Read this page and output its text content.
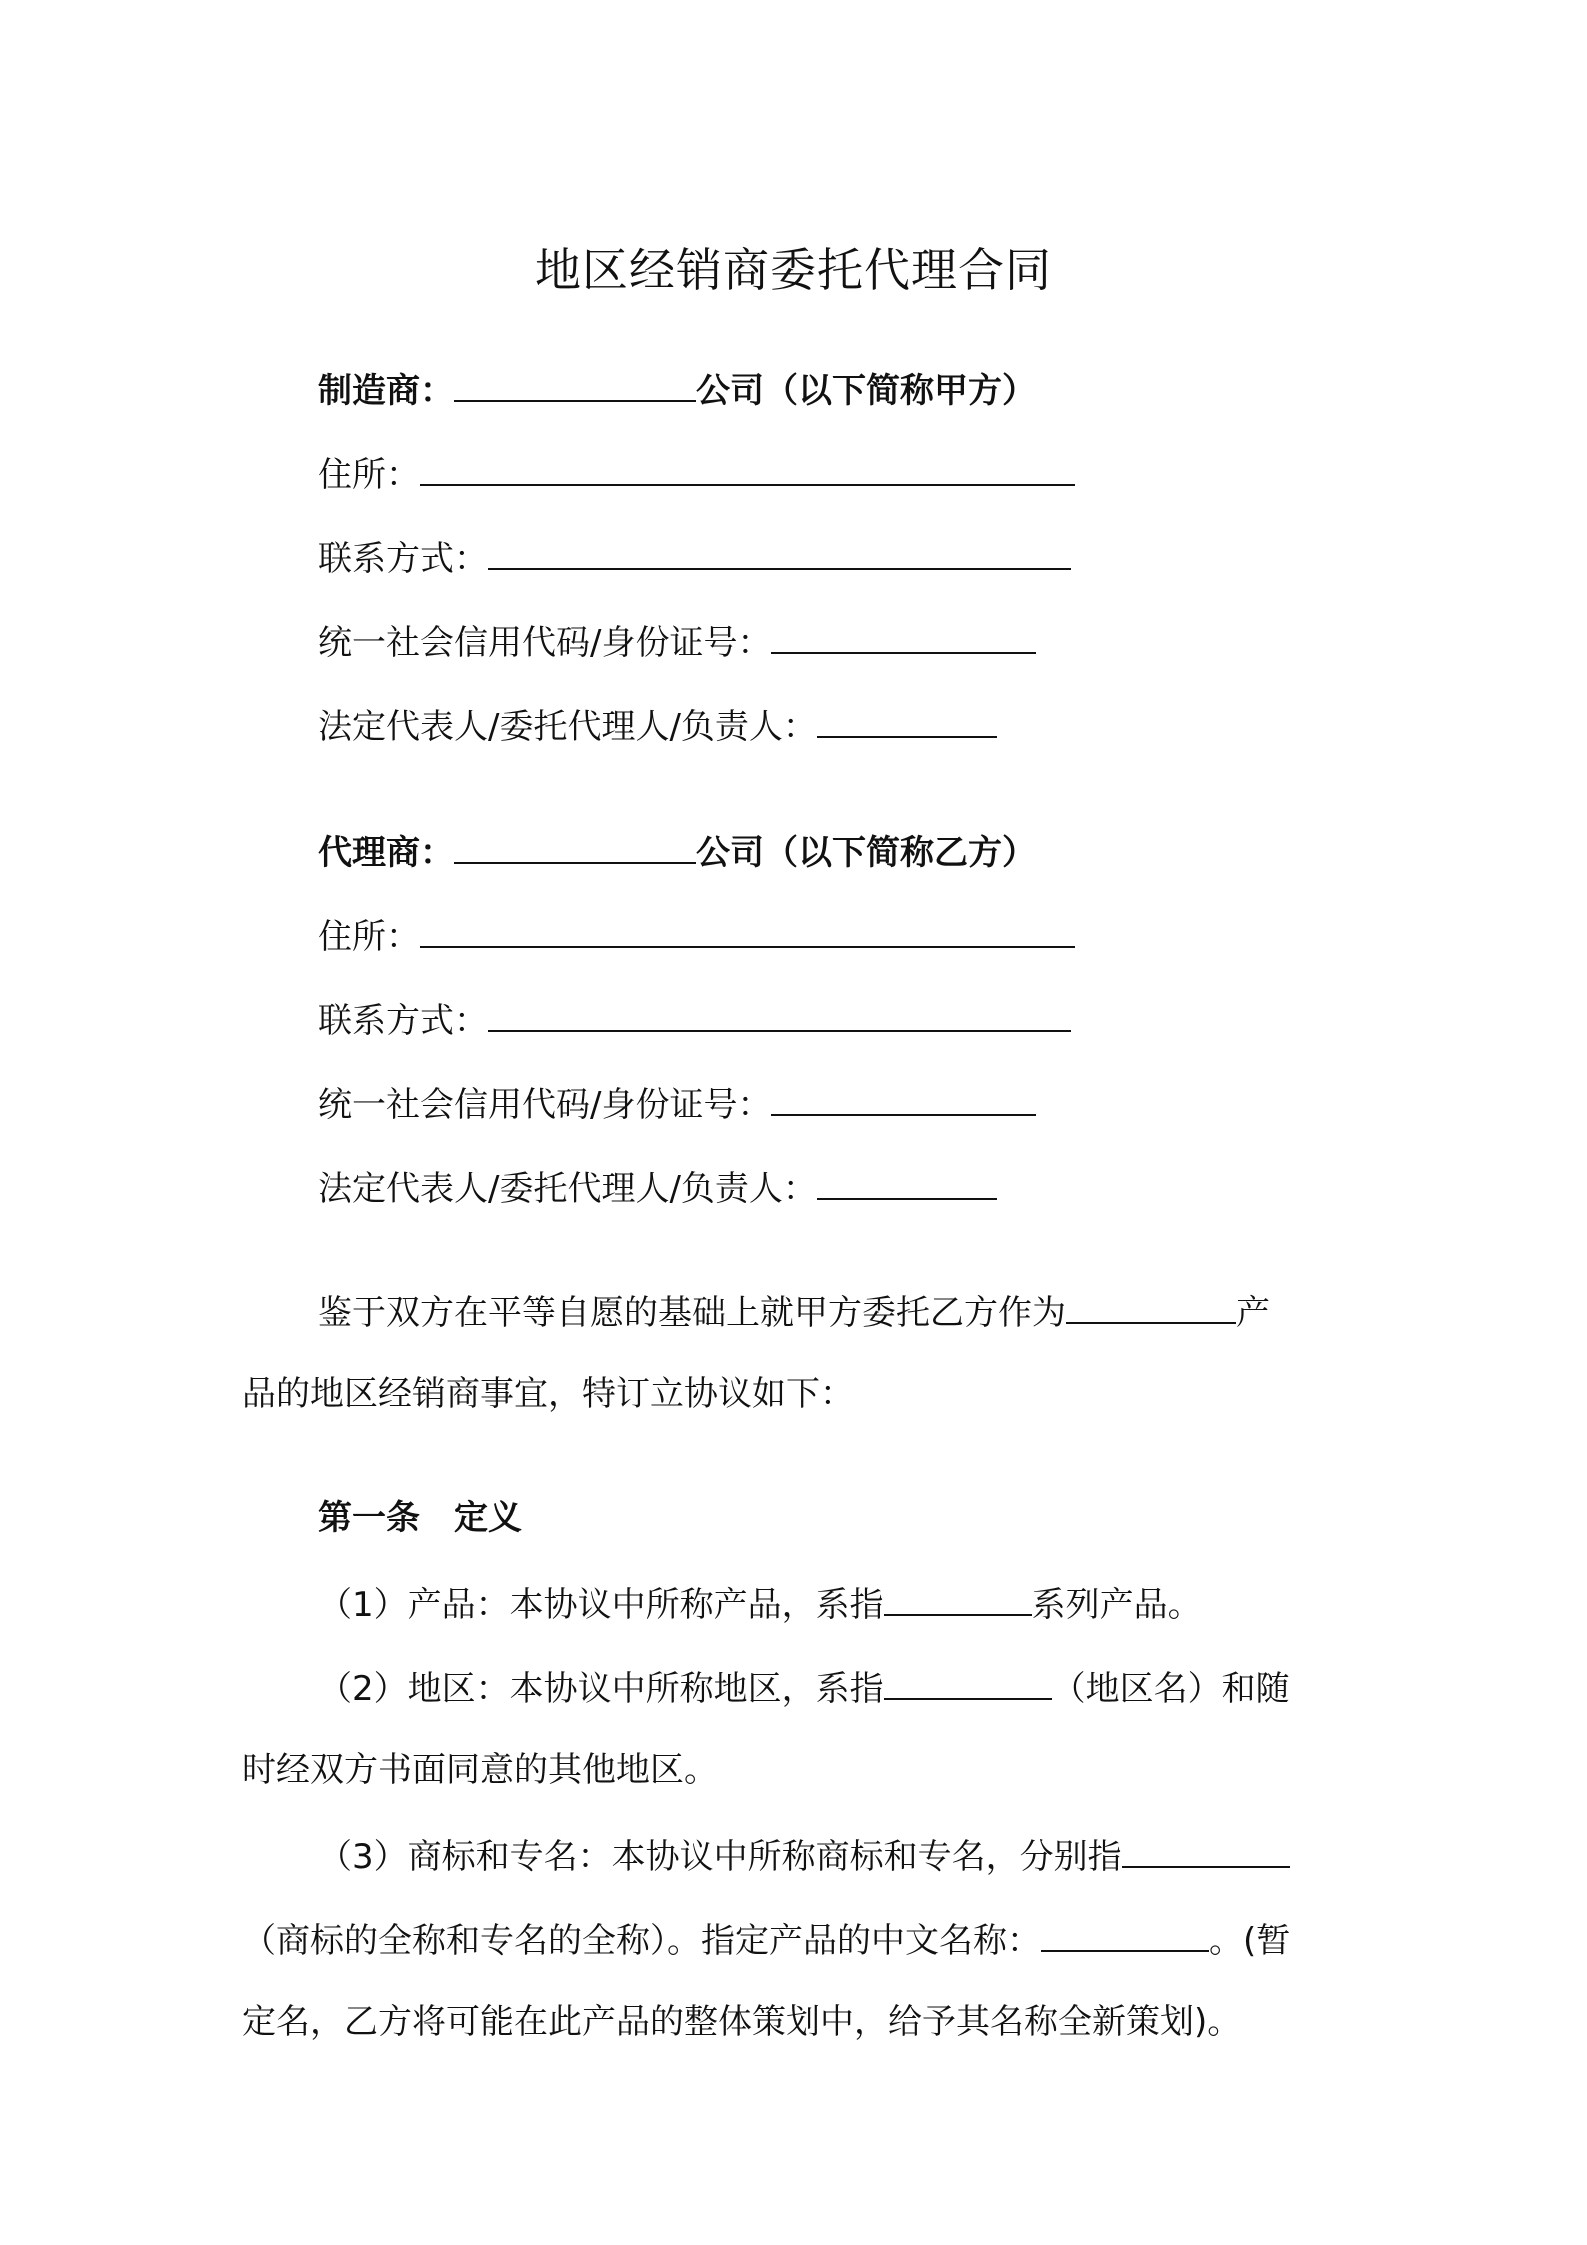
地区经销商委托代理合同
制造商：	公司（以下简称甲方）
住所：
联系方式：
统一社会信用代码/身份证号：
法定代表人/委托代理人/负责人：
代理商：	公司（以下简称乙方）
住所：
联系方式：
统一社会信用代码/身份证号：
法定代表人/委托代理人/负责人：
鉴于双方在平等自愿的基础上就甲方委托乙方作为	产
品的地区经销商事宜，特订立协议如下：
第一条　定义
（1）产品：本协议中所称产品，系指	系列产品。
（2）地区：本协议中所称地区，系指	（地区名）和随
时经双方书面同意的其他地区。
（3）商标和专名：本协议中所称商标和专名，分别指
（商标的全称和专名的全称）。指定产品的中文名称：	。(暂
定名，乙方将可能在此产品的整体策划中，给予其名称全新策划)。
